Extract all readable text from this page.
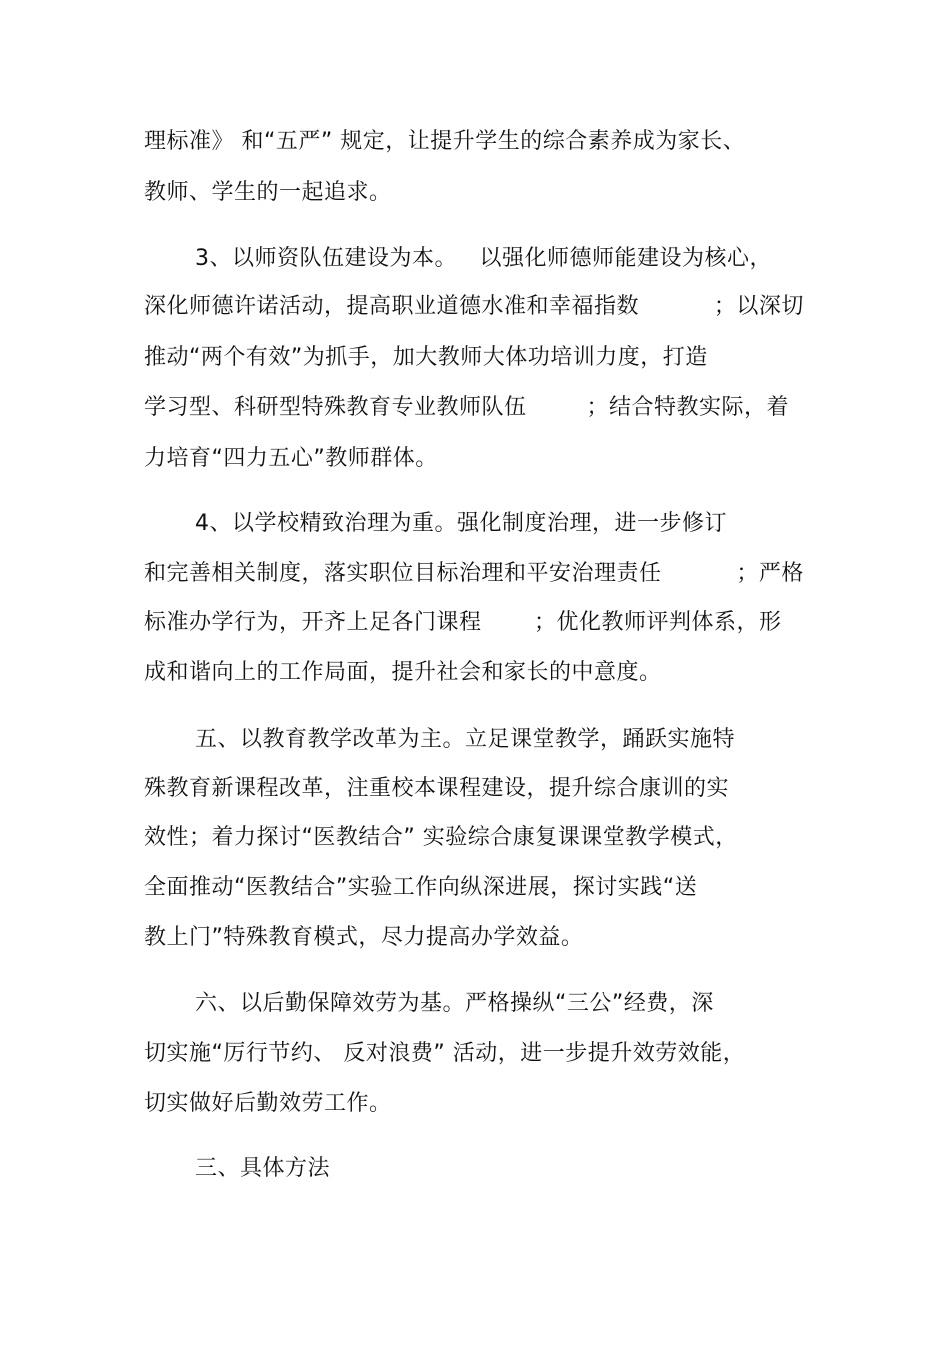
理标准》 和“五严” 规定，让提升学生的综合素养成为家长、
教师、学生的一起追求。
3、以师资队伍建设为本。   以强化师德师能建设为核心，
深化师德许诺活动，提高职业道德水准和幸福指数          ；以深切
推动“两个有效”为抓手，加大教师大体功培训力度，打造
学习型、科研型特殊教育专业教师队伍        ；结合特教实际，着
力培育“四力五心”教师群体。
4、以学校精致治理为重。强化制度治理，进一步修订
和完善相关制度，落实职位目标治理和平安治理责任          ；严格
标准办学行为，开齐上足各门课程       ；优化教师评判体系，形
成和谐向上的工作局面，提升社会和家长的中意度。
五、以教育教学改革为主。立足课堂教学，踊跃实施特
殊教育新课程改革，注重校本课程建设，提升综合康训的实
效性；着力探讨“医教结合” 实验综合康复课课堂教学模式，
全面推动“医教结合”实验工作向纵深进展，探讨实践“送
教上门”特殊教育模式，尽力提高办学效益。
六、以后勤保障效劳为基。严格操纵“三公”经费，深
切实施“厉行节约、 反对浪费” 活动，进一步提升效劳效能，
切实做好后勤效劳工作。
三、具体方法
